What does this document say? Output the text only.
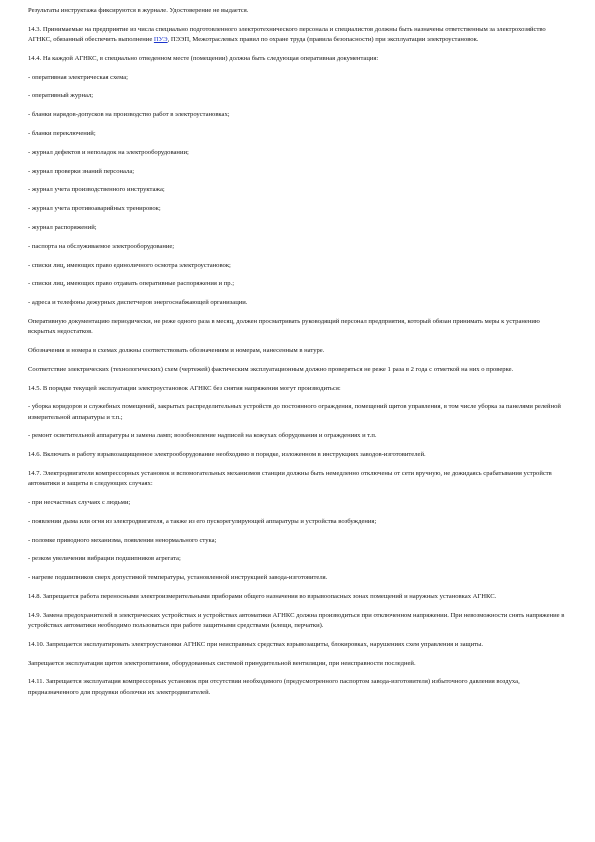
Результаты инструктажа фиксируются в журнале. Удостоверение не выдается.

14.3. Принимаемые на предприятие из числа специально подготовленного электротехнического персонала и специалистов должны быть назначены ответственным за электрохозяйство АГНКС, обязанный обеспечить выполнение ПУЭ, ПЭЭП, Межотраслевых правил по охране труда (правила безопасности) при эксплуатации электроустановок.

14.4. На каждой АГНКС, в специально отведенном месте (помещении) должна быть следующая оперативная документация:

- оперативная электрическая схема;

- оперативный журнал;

- бланки нарядов-допусков на производство работ в электроустановках;

- бланки переключений;

- журнал дефектов и неполадок на электрооборудовании;

- журнал проверки знаний персонала;

- журнал учета производственного инструктажа;

- журнал учета противоаварийных тренировок;

- журнал распоряжений;

- паспорта на обслуживаемое электрооборудование;

- списки лиц, имеющих право единоличного осмотра электроустановок;

- списки лиц, имеющих право отдавать оперативные распоряжения и пр.;

- адреса и телефоны дежурных диспетчеров энергоснабжающей организации.

Оперативную документацию периодически, не реже одного раза в месяц, должен просматривать руководящий персонал предприятия, который обязан принимать меры к устранению вскрытых недостатков.

Обозначения и номера в схемах должны соответствовать обозначениям и номерам, нанесенным в натуре.

Соответствие электрических (технологических) схем (чертежей) фактическим эксплуатационным должно проверяться не реже 1 раза в 2 года с отметкой на них о проверке.

14.5. В порядке текущей эксплуатации электроустановок АГНКС без снятия напряжения могут производиться:

- уборка коридоров и служебных помещений, закрытых распределительных устройств до постоянного ограждения, помещений щитов управления, в том числе уборка за панелями релейной измерительной аппаратуры и т.п.;

- ремонт осветительной аппаратуры и замена ламп; возобновление надписей на кожухах оборудования и ограждениях и т.п.

14.6. Включать в работу взрывозащищенное электрооборудование необходимо в порядке, изложенном в инструкциях заводов-изготовителей.

14.7. Электродвигатели компрессорных установок и вспомогательных механизмов станции должны быть немедленно отключены от сети вручную, не дожидаясь срабатывания устройств автоматики и защиты в следующих случаях:

- при несчастных случаях с людьми;

- появлении дыма или огня из электродвигателя, а также из его пускорегулирующей аппаратуры и устройства возбуждения;

- поломке приводного механизма, появлении ненормального стука;

- резком увеличении вибрации подшипников агрегата;

- нагреве подшипников сверх допустимой температуры, установленной инструкцией завода-изготовителя.

14.8. Запрещается работа переносными электроизмерительными приборами общего назначения во взрывоопасных зонах помещений и наружных установках АГНКС.

14.9. Замена предохранителей в электрических устройствах и устройствах автоматики АГНКС должна производиться при отключенном напряжении. При невозможности снять напряжение в устройствах автоматики необходимо пользоваться при работе защитными средствами (клещи, перчатки).

14.10. Запрещается эксплуатировать электроустановки АГНКС при неисправных средствах взрывозащиты, блокировках, нарушениях схем управления и защиты.

Запрещается эксплуатация щитов электропитания, оборудованных системой принудительной вентиляции, при неисправности последней.

14.11. Запрещается эксплуатация компрессорных установок при отсутствии необходимого (предусмотренного паспортом завода-изготовителя) избыточного давления воздуха, предназначенного для продувки оболочки их электродвигателей.
